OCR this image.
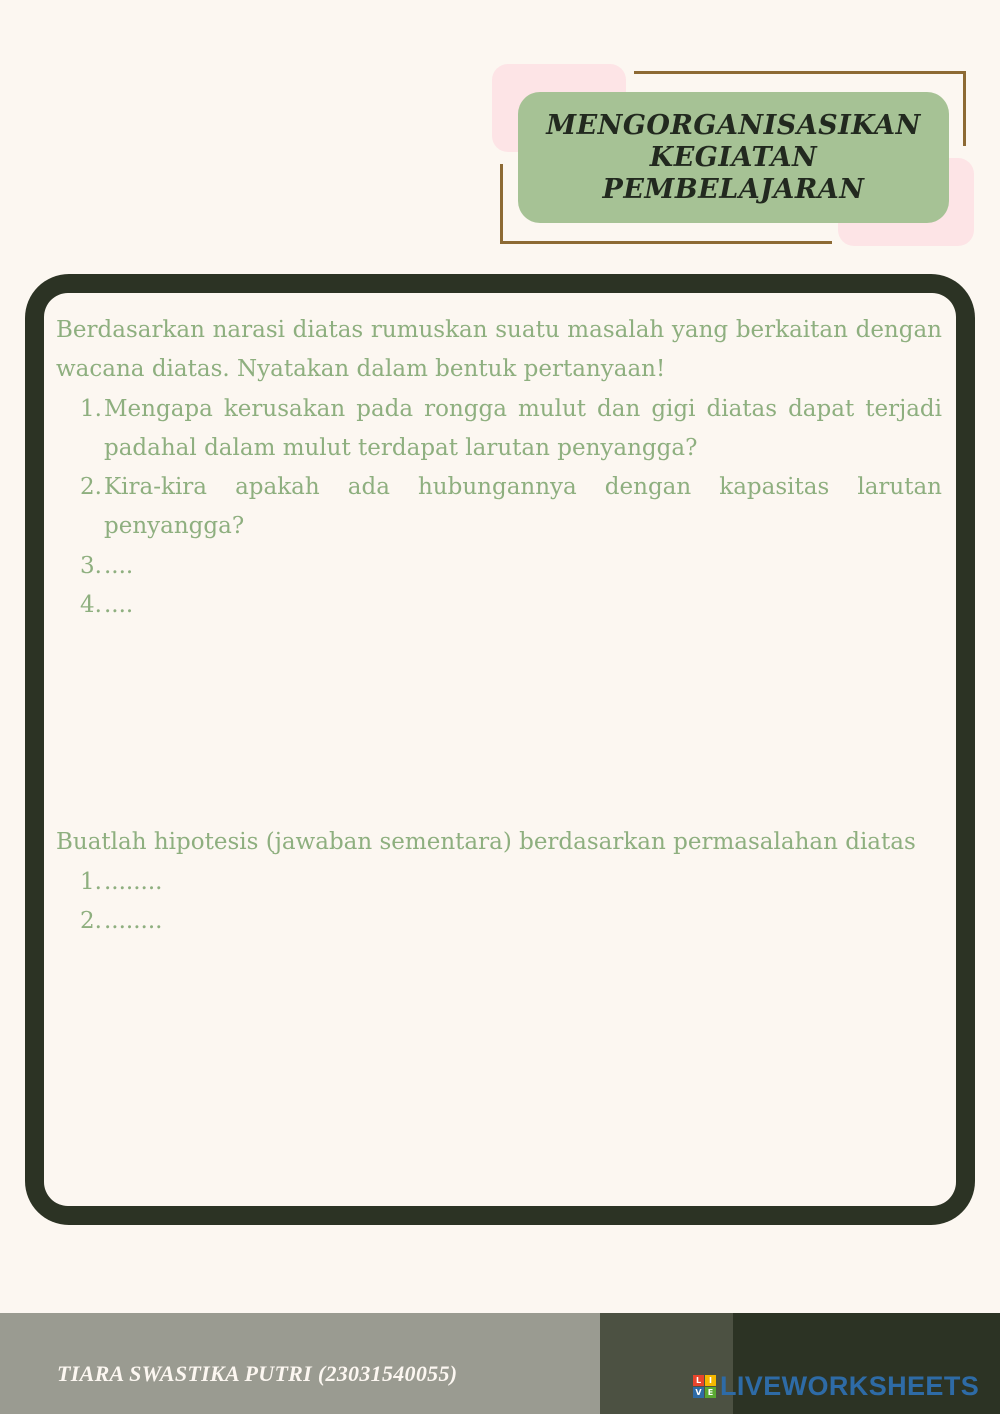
MENGORGANISASIKAN
KEGIATAN
PEMBELAJARAN

Berdasarkan narasi diatas rumuskan suatu masalah yang berkaitan dengan wacana diatas. Nyatakan dalam bentuk pertanyaan!

1. Mengapa kerusakan pada rongga mulut dan gigi diatas dapat terjadi padahal dalam mulut terdapat larutan penyangga?
2. Kira-kira apakah ada hubungannya dengan kapasitas larutan penyangga?
3. ....
4. ....

Buatlah hipotesis (jawaban sementara) berdasarkan permasalahan diatas

1. ........
2. ........
TIARA SWASTIKA PUTRI (23031540055)	L I
V E LIVEWORKSHEETS
